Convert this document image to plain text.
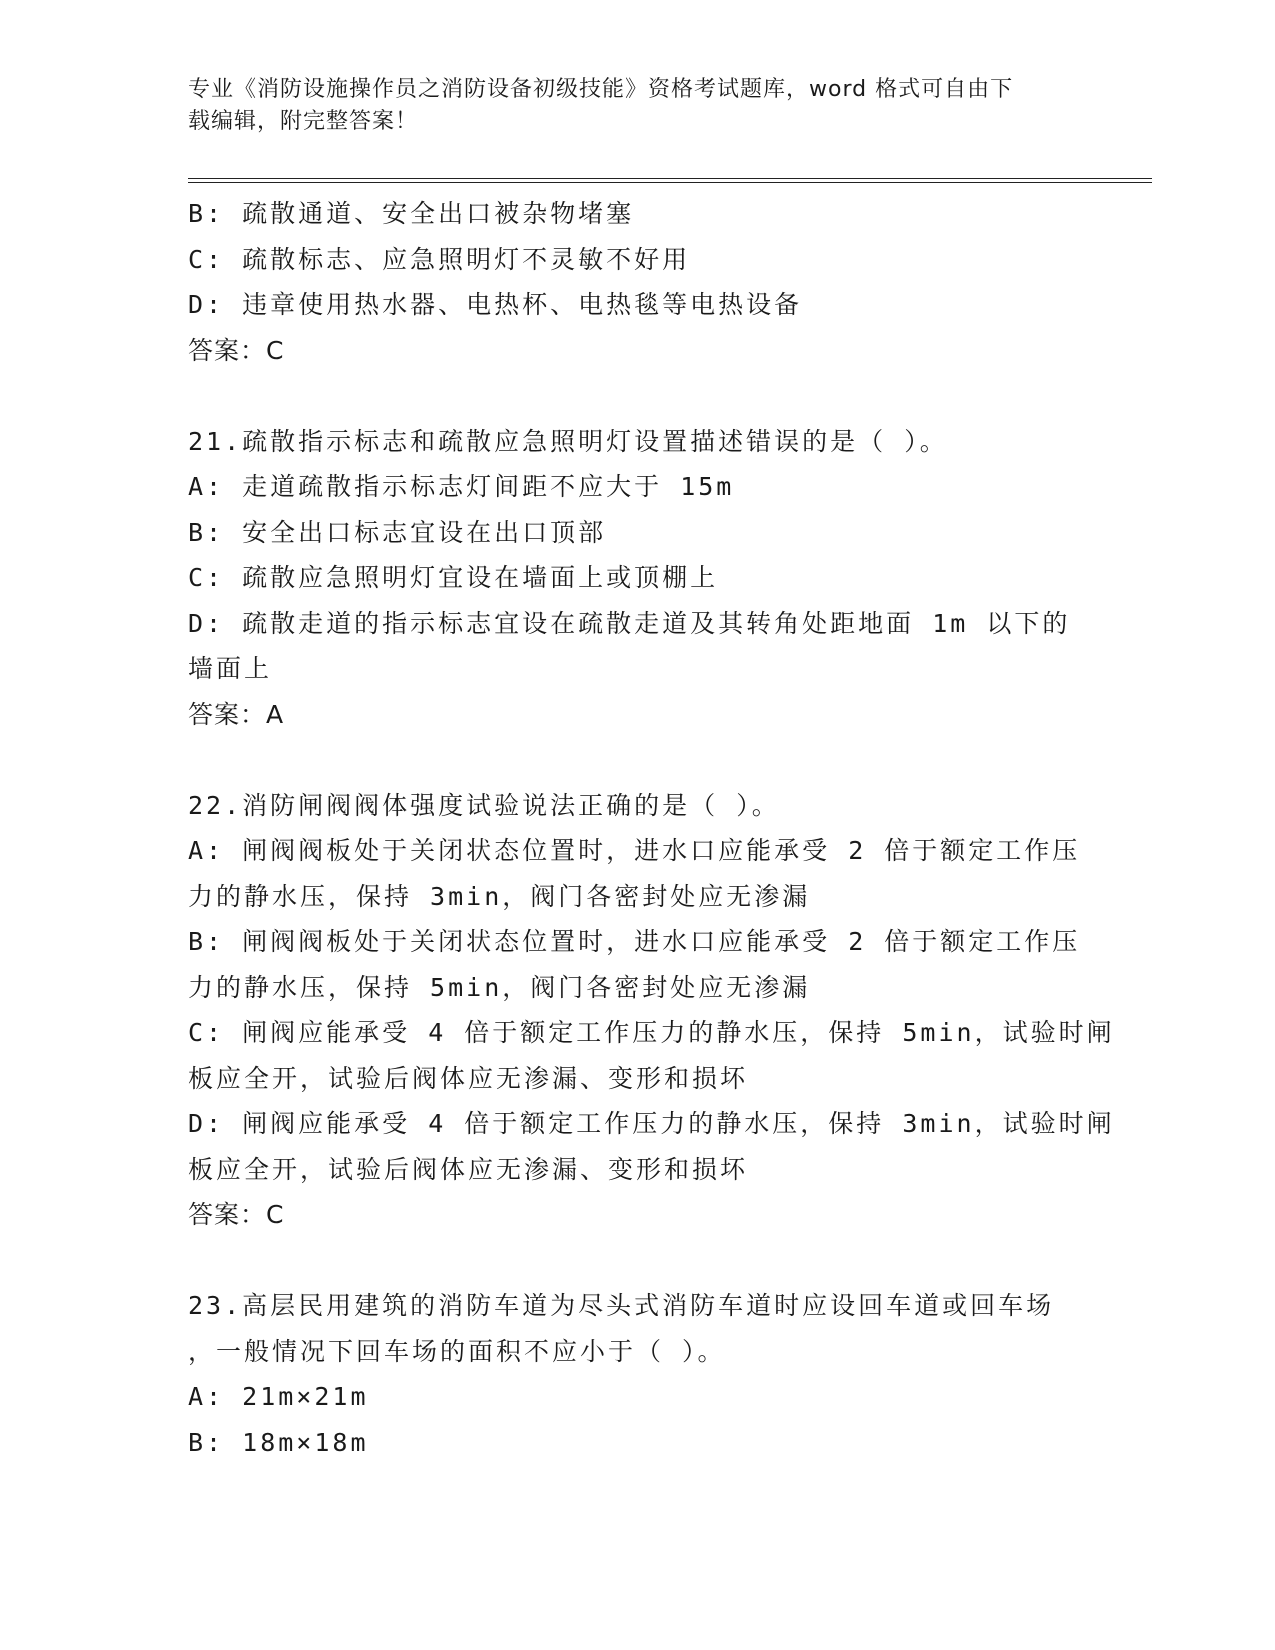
专业《消防设施操作员之消防设备初级技能》资格考试题库，word 格式可自由下
载编辑，附完整答案！
B: 疏散通道、安全出口被杂物堵塞
C: 疏散标志、应急照明灯不灵敏不好用
D: 违章使用热水器、电热杯、电热毯等电热设备
答案：C
21.疏散指示标志和疏散应急照明灯设置描述错误的是（ ）。
A: 走道疏散指示标志灯间距不应大于 15m
B: 安全出口标志宜设在出口顶部
C: 疏散应急照明灯宜设在墙面上或顶棚上
D: 疏散走道的指示标志宜设在疏散走道及其转角处距地面 1m 以下的
墙面上
答案：A
22.消防闸阀阀体强度试验说法正确的是（ ）。
A: 闸阀阀板处于关闭状态位置时，进水口应能承受 2 倍于额定工作压
力的静水压，保持 3min，阀门各密封处应无渗漏
B: 闸阀阀板处于关闭状态位置时，进水口应能承受 2 倍于额定工作压
力的静水压，保持 5min，阀门各密封处应无渗漏
C: 闸阀应能承受 4 倍于额定工作压力的静水压，保持 5min，试验时闸
板应全开，试验后阀体应无渗漏、变形和损坏
D: 闸阀应能承受 4 倍于额定工作压力的静水压，保持 3min，试验时闸
板应全开，试验后阀体应无渗漏、变形和损坏
答案：C
23.高层民用建筑的消防车道为尽头式消防车道时应设回车道或回车场
，一般情况下回车场的面积不应小于（ ）。
A: 21m×21m
B: 18m×18m
